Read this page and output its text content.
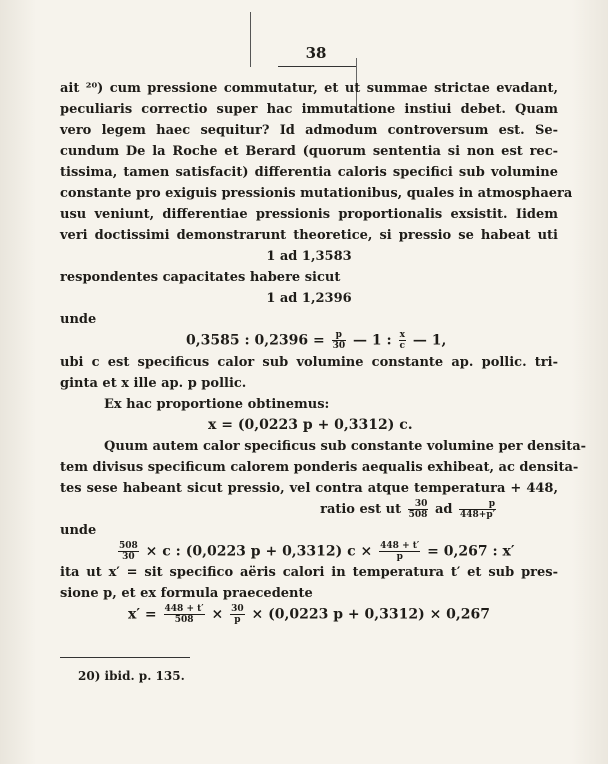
38
ait ²⁰) cum pressione commutatur, et ut summae strictae evadant,
peculiaris correctio super hac immutatione instiui debet. Quam
vero legem haec sequitur? Id admodum controversum est. Se-
cundum De la Roche et Berard (quorum sententia si non est rec-
tissima, tamen satisfacit) differentia caloris specifici sub volumine
constante pro exiguis pressionis mutationibus, quales in atmosphaera
usu veniunt, differentiae pressionis proportionalis exsistit. Iidem
veri doctissimi demonstrarunt theoretice, si pressio se habeat uti
1 ad 1,3583
respondentes capacitates habere sicut
1 ad 1,2396
unde
0,3585 : $0,2396 = \frac{p}{30}$ — 1 : $\frac{x}{c}$ — 1,
ubi c est specificus calor sub volumine constante ap. pollic. tri-
ginta et x ille ap. p pollic.
Ex hac proportione obtinemus:
x = (0,0223 p + 0,3312) c.
Quum autem calor specificus sub constante volumine per densita-
tem divisus specificum calorem ponderis aequalis exhibeat, ac densita-
tes sese habeant sicut pressio, vel contra atque temperatura + 448,
ratio est ut $\frac{30}{508}$ ad $\frac{p}{448+p'}$
unde
$\frac{508}{30} \times c$ : (0,0223 p + 0,3312) $c \times \frac{448 + t'}{p} = 0,267$ : x′
ita ut x′ = sit specifico aëris calori in temperatura t′ et sub pres-
sione p, et ex formula praecedente
$x' = \frac{448 + t'}{508} \times \frac{30}{p} \times (0,0223$ p + 0,3312) × 0,267
20) ibid. p. 135.
